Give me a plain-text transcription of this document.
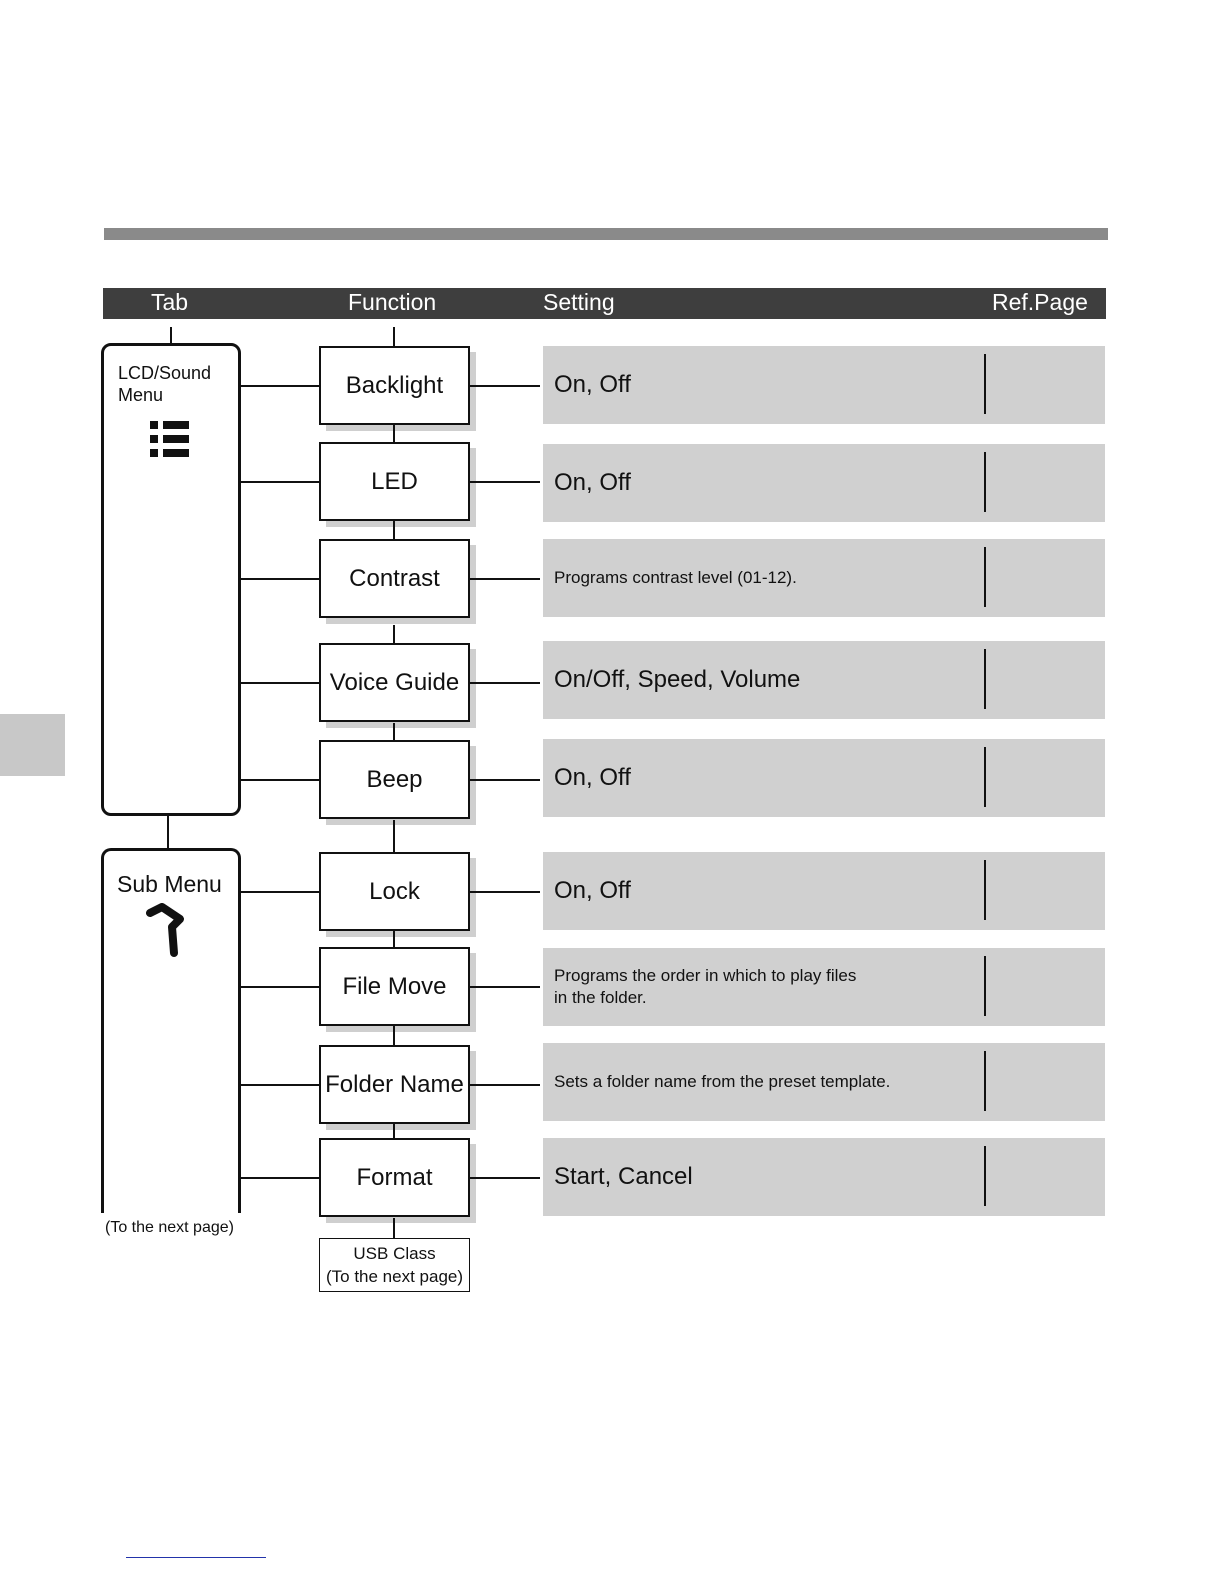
Tab	Function	Setting	Ref.Page
LCD/Sound
Menu
Sub Menu
(To the next page)
Backlight	On, Off
LED	On, Off
Contrast	Programs contrast level (01-12).
Voice Guide	On/Off, Speed, Volume
Beep	On, Off
Lock	On, Off
File Move	Programs the order in which to play files
in the folder.
Folder Name	Sets a folder name from the preset template.
Format	Start, Cancel
USB Class
(To the next page)
